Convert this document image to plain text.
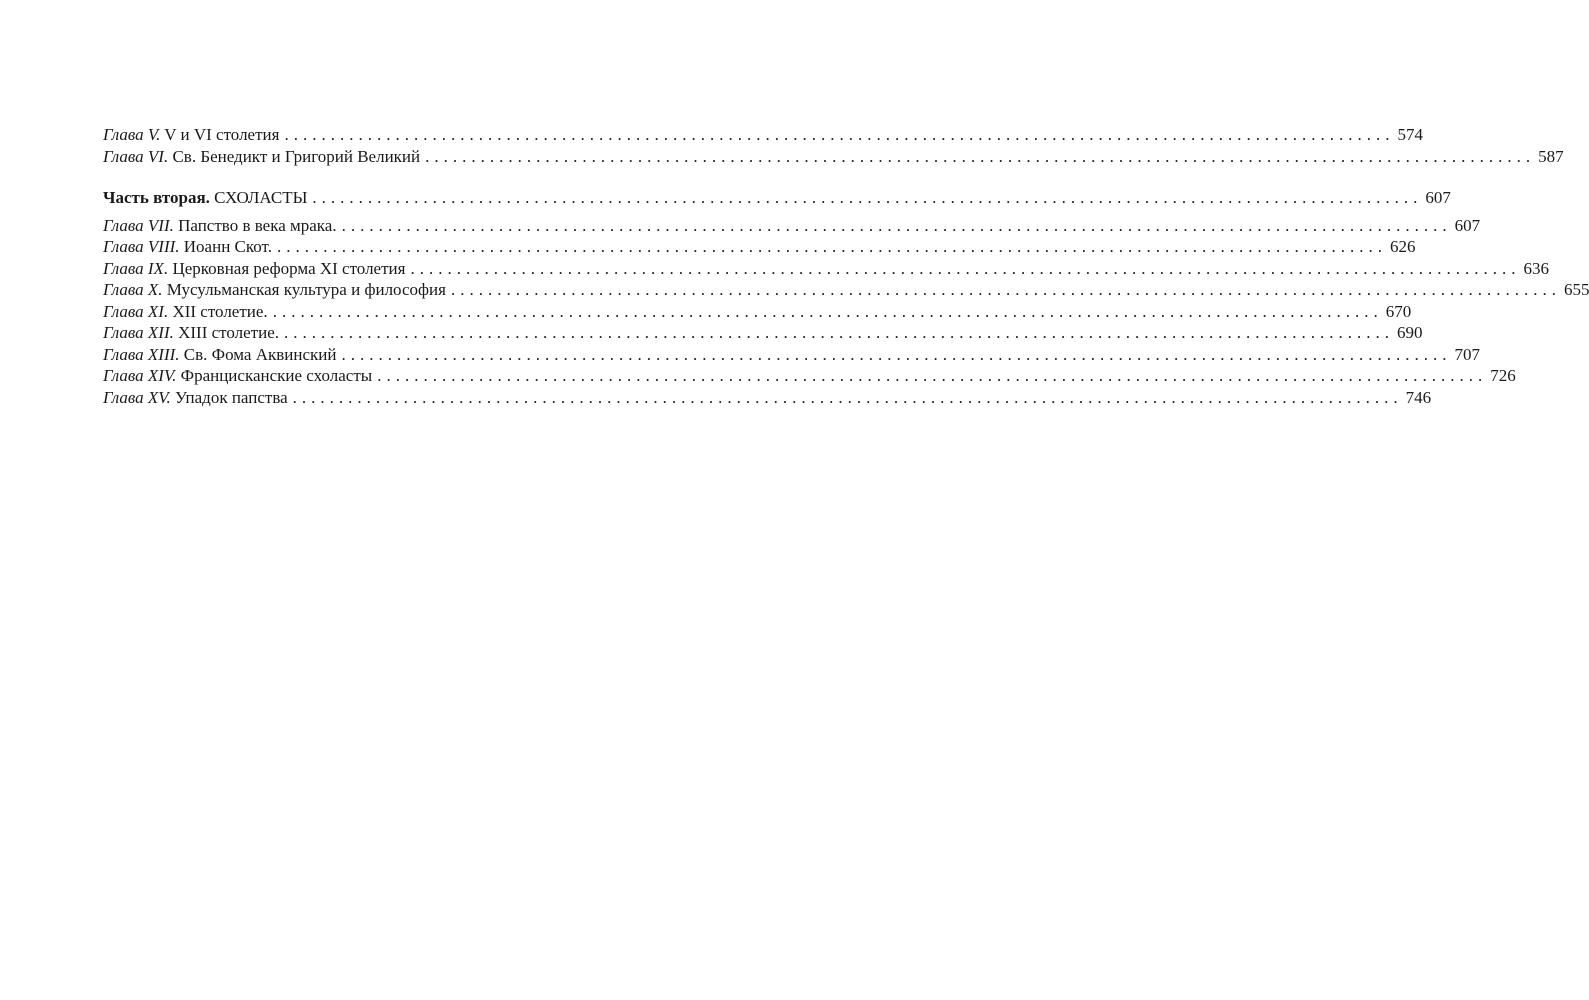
Глава V. V и VI столетия ........................................................................................................................ 574
Глава VI. Св. Бенедикт и Григорий Великий ........................................................................................................................ 587
Часть вторая. СХОЛАСТЫ ........................................................................................................................ 607
Глава VII. Папство в века мрака. ........................................................................................................................ 607
Глава VIII. Иоанн Скот. ........................................................................................................................ 626
Глава IX. Церковная реформа XI столетия ........................................................................................................................ 636
Глава X. Мусульманская культура и философия ........................................................................................................................ 655
Глава XI. XII столетие. ........................................................................................................................ 670
Глава XII. XIII столетие. ........................................................................................................................ 690
Глава XIII. Св. Фома Аквинский ........................................................................................................................ 707
Глава XIV. Францисканские схоласты ........................................................................................................................ 726
Глава XV. Упадок папства ........................................................................................................................ 746
